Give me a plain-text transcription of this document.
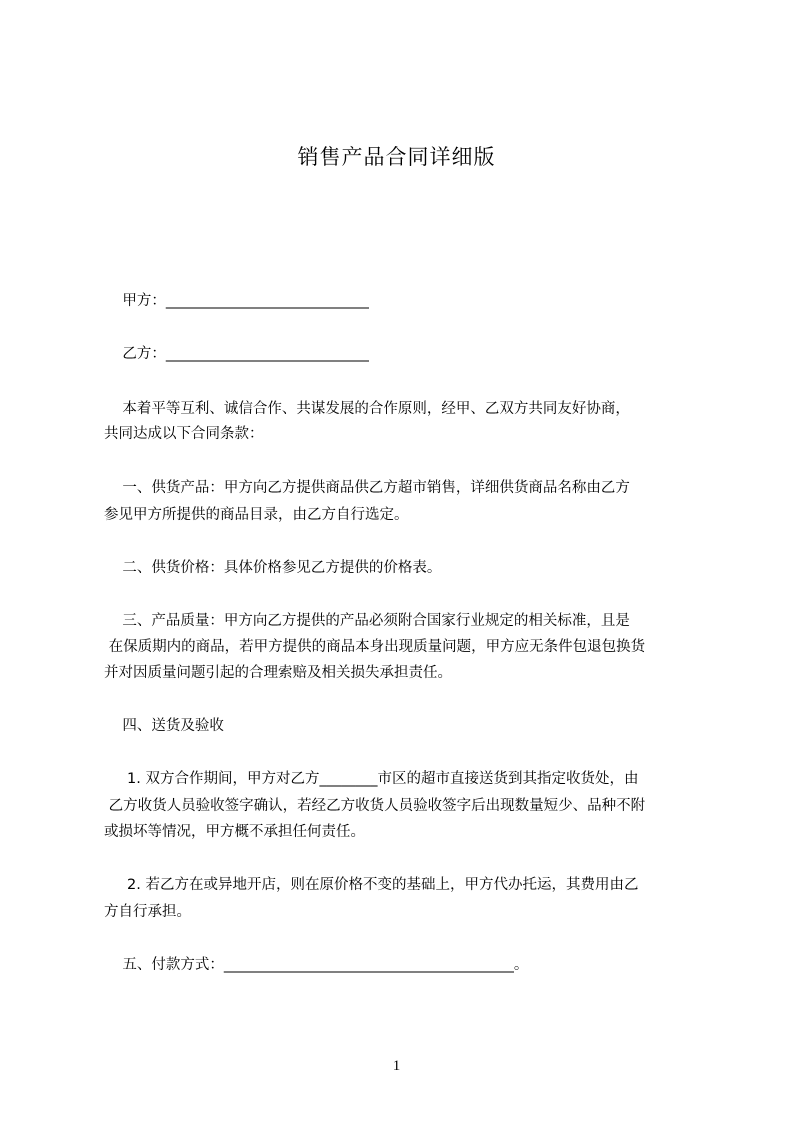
销售产品合同详细版
甲方：____________________________
乙方：____________________________
本着平等互利、诚信合作、共谋发展的合作原则，经甲、乙双方共同友好协商，
共同达成以下合同条款：
一、供货产品：甲方向乙方提供商品供乙方超市销售，详细供货商品名称由乙方
参见甲方所提供的商品目录，由乙方自行选定。
二、供货价格：具体价格参见乙方提供的价格表。
三、产品质量：甲方向乙方提供的产品必须附合国家行业规定的相关标准，且是
在保质期内的商品，若甲方提供的商品本身出现质量问题，甲方应无条件包退包换货
并对因质量问题引起的合理索赔及相关损失承担责任。
四、送货及验收
1. 双方合作期间，甲方对乙方________市区的超市直接送货到其指定收货处，由
乙方收货人员验收签字确认，若经乙方收货人员验收签字后出现数量短少、品种不附
或损坏等情况，甲方概不承担任何责任。
2. 若乙方在或异地开店，则在原价格不变的基础上，甲方代办托运，其费用由乙
方自行承担。
五、付款方式：________________________________________。
1
